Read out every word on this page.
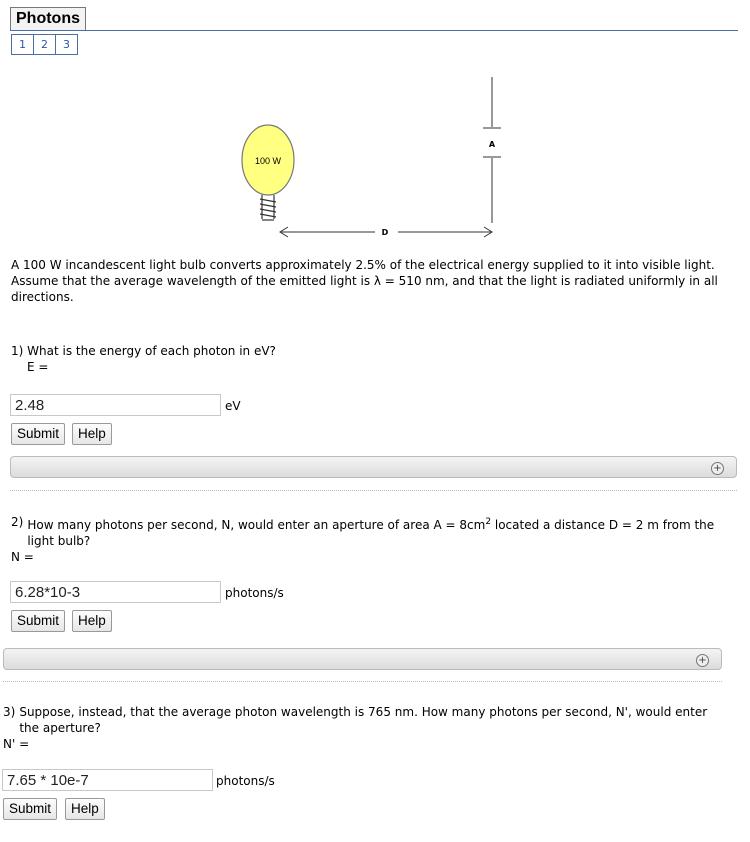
Photons
1	2	3
100 W
D
A
A 100 W incandescent light bulb converts approximately 2.5% of the electrical energy supplied to it into visible light. Assume that the average wavelength of the emitted light is λ = 510 nm, and that the light is radiated uniformly in all directions.
1) What is the energy of each photon in eV?
E =
2.48	eV
Submit	Help
+
2) How many photons per second, N, would enter an aperture of area $A = 8cm^2$ located a distance D = 2 m from the light bulb?
N =
6.28*10-3	photons/s
Submit	Help
+
3) Suppose, instead, that the average photon wavelength is 765 nm. How many photons per second, N', would enter the aperture?
N' =
7.65 * 10e-7	photons/s
Submit	Help
